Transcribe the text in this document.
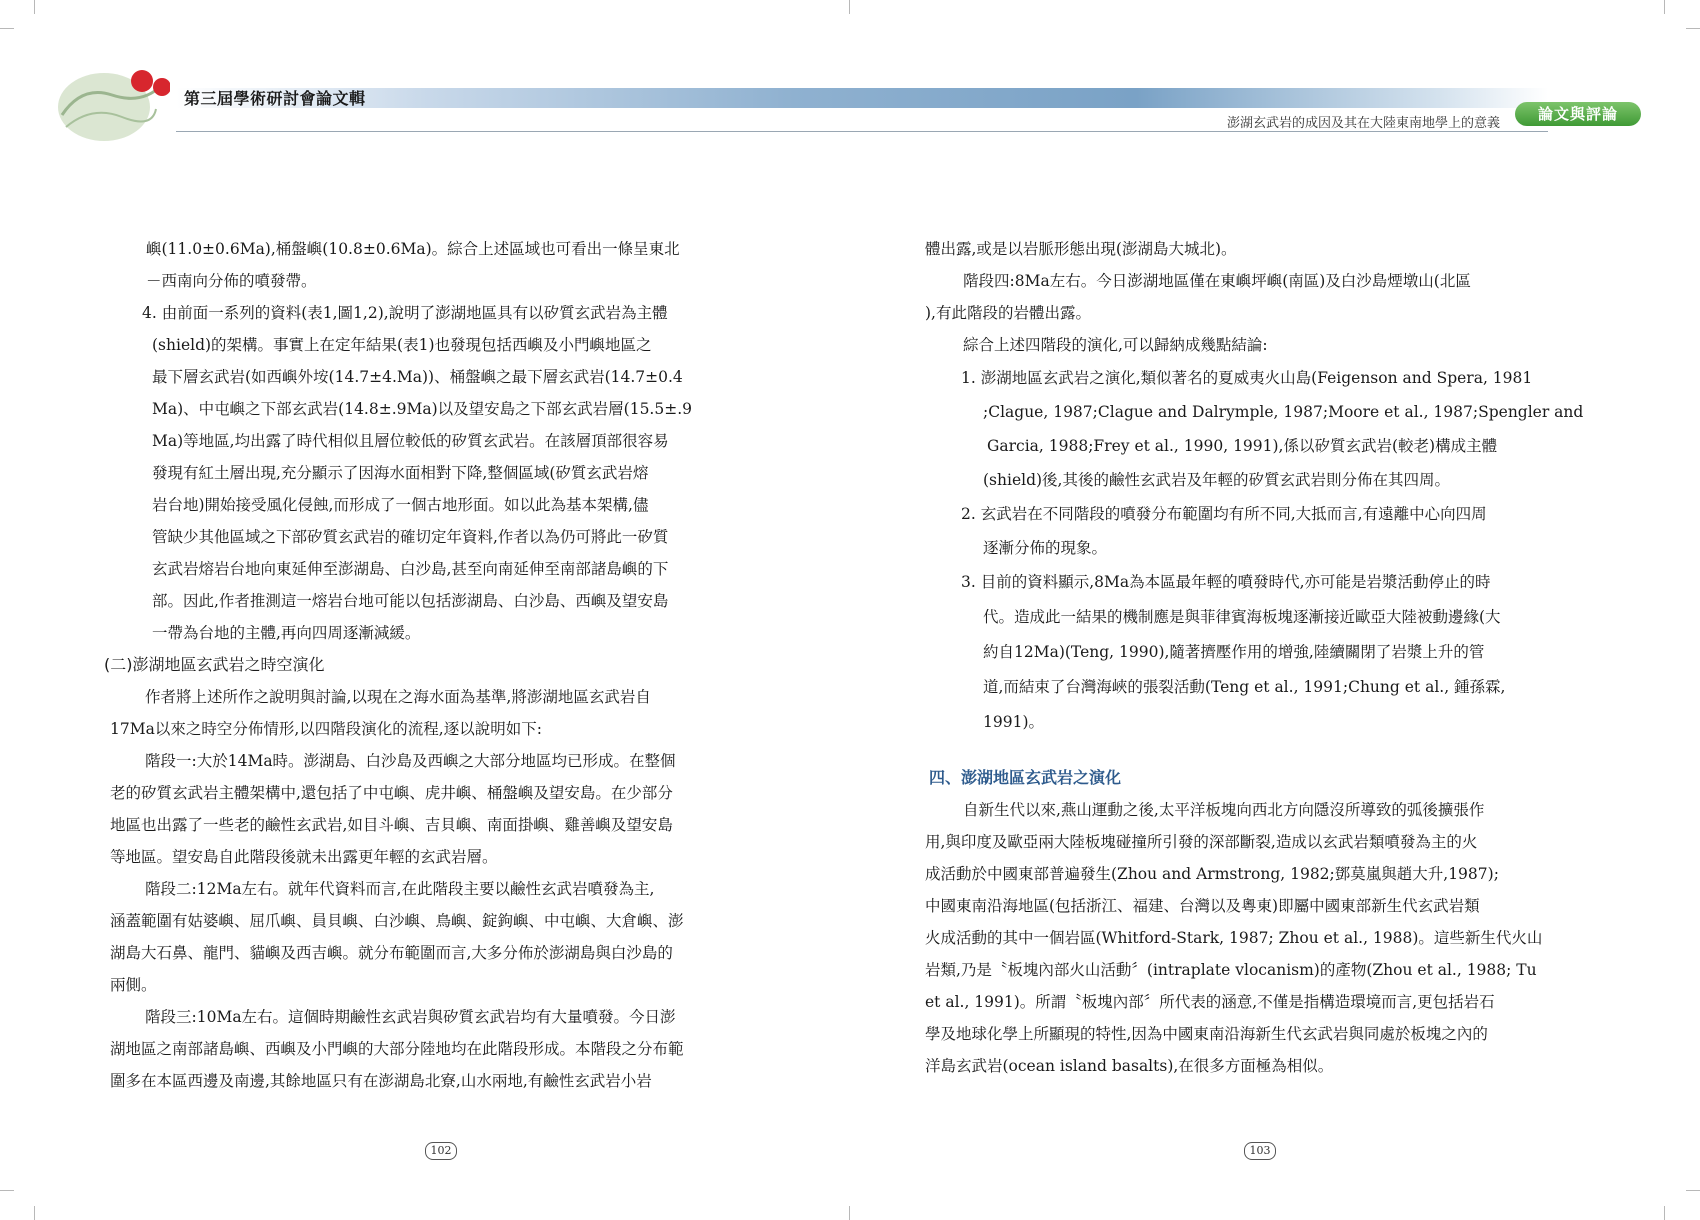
第三屆學術研討會論文輯
澎湖玄武岩的成因及其在大陸東南地學上的意義
論文與評論

嶼(11.0±0.6Ma),桶盤嶼(10.8±0.6Ma)。綜合上述區域也可看出一條呈東北
－西南向分佈的噴發帶。

4. 由前面一系列的資料(表1,圖1,2),說明了澎湖地區具有以矽質玄武岩為主體
(shield)的架構。事實上在定年結果(表1)也發現包括西嶼及小門嶼地區之
最下層玄武岩(如西嶼外垵(14.7±4.Ma))、桶盤嶼之最下層玄武岩(14.7±0.4
Ma)、中屯嶼之下部玄武岩(14.8±.9Ma)以及望安島之下部玄武岩層(15.5±.9
Ma)等地區,均出露了時代相似且層位較低的矽質玄武岩。在該層頂部很容易
發現有紅土層出現,充分顯示了因海水面相對下降,整個區域(矽質玄武岩熔
岩台地)開始接受風化侵蝕,而形成了一個古地形面。如以此為基本架構,儘
管缺少其他區域之下部矽質玄武岩的確切定年資料,作者以為仍可將此一矽質
玄武岩熔岩台地向東延伸至澎湖島、白沙島,甚至向南延伸至南部諸島嶼的下
部。因此,作者推測這一熔岩台地可能以包括澎湖島、白沙島、西嶼及望安島
一帶為台地的主體,再向四周逐漸減緩。

(二)澎湖地區玄武岩之時空演化

作者將上述所作之說明與討論,以現在之海水面為基準,將澎湖地區玄武岩自
17Ma以來之時空分佈情形,以四階段演化的流程,逐以說明如下:

階段一:大於14Ma時。澎湖島、白沙島及西嶼之大部分地區均已形成。在整個
老的矽質玄武岩主體架構中,還包括了中屯嶼、虎井嶼、桶盤嶼及望安島。在少部分
地區也出露了一些老的鹼性玄武岩,如目斗嶼、吉貝嶼、南面掛嶼、雞善嶼及望安島
等地區。望安島自此階段後就未出露更年輕的玄武岩層。

階段二:12Ma左右。就年代資料而言,在此階段主要以鹼性玄武岩噴發為主,
涵蓋範圍有姑婆嶼、屈爪嶼、員貝嶼、白沙嶼、鳥嶼、錠鉤嶼、中屯嶼、大倉嶼、澎
湖島大石鼻、龍門、貓嶼及西吉嶼。就分布範圍而言,大多分佈於澎湖島與白沙島的
兩側。

階段三:10Ma左右。這個時期鹼性玄武岩與矽質玄武岩均有大量噴發。今日澎
湖地區之南部諸島嶼、西嶼及小門嶼的大部分陸地均在此階段形成。本階段之分布範
圍多在本區西邊及南邊,其餘地區只有在澎湖島北寮,山水兩地,有鹼性玄武岩小岩

102

體出露,或是以岩脈形態出現(澎湖島大城北)。

階段四:8Ma左右。今日澎湖地區僅在東嶼坪嶼(南區)及白沙島煙墩山(北區
),有此階段的岩體出露。

綜合上述四階段的演化,可以歸納成幾點結論:

1. 澎湖地區玄武岩之演化,類似著名的夏威夷火山島(Feigenson and Spera, 1981
;Clague, 1987;Clague and Dalrymple, 1987;Moore et al., 1987;Spengler and
Garcia, 1988;Frey et al., 1990, 1991),係以矽質玄武岩(較老)構成主體
(shield)後,其後的鹼性玄武岩及年輕的矽質玄武岩則分佈在其四周。

2. 玄武岩在不同階段的噴發分布範圍均有所不同,大抵而言,有遠離中心向四周
逐漸分佈的現象。

3. 目前的資料顯示,8Ma為本區最年輕的噴發時代,亦可能是岩漿活動停止的時
代。造成此一結果的機制應是與菲律賓海板塊逐漸接近歐亞大陸被動邊緣(大
約自12Ma)(Teng, 1990),隨著擠壓作用的增強,陸續關閉了岩漿上升的管
道,而結束了台灣海峽的張裂活動(Teng et al., 1991;Chung et al., 鍾孫霖,
1991)。

四、澎湖地區玄武岩之演化

自新生代以來,燕山運動之後,太平洋板塊向西北方向隱沒所導致的弧後擴張作
用,與印度及歐亞兩大陸板塊碰撞所引發的深部斷裂,造成以玄武岩類噴發為主的火
成活動於中國東部普遍發生(Zhou and Armstrong, 1982;鄧莫嵐與趙大升,1987);
中國東南沿海地區(包括浙江、福建、台灣以及粵東)即屬中國東部新生代玄武岩類
火成活動的其中一個岩區(Whitford-Stark, 1987; Zhou et al., 1988)。這些新生代火山
岩類,乃是〝板塊內部火山活動〞(intraplate vlocanism)的產物(Zhou et al., 1988; Tu
et al., 1991)。所謂〝板塊內部〞所代表的涵意,不僅是指構造環境而言,更包括岩石
學及地球化學上所顯現的特性,因為中國東南沿海新生代玄武岩與同處於板塊之內的
洋島玄武岩(ocean island basalts),在很多方面極為相似。

103
